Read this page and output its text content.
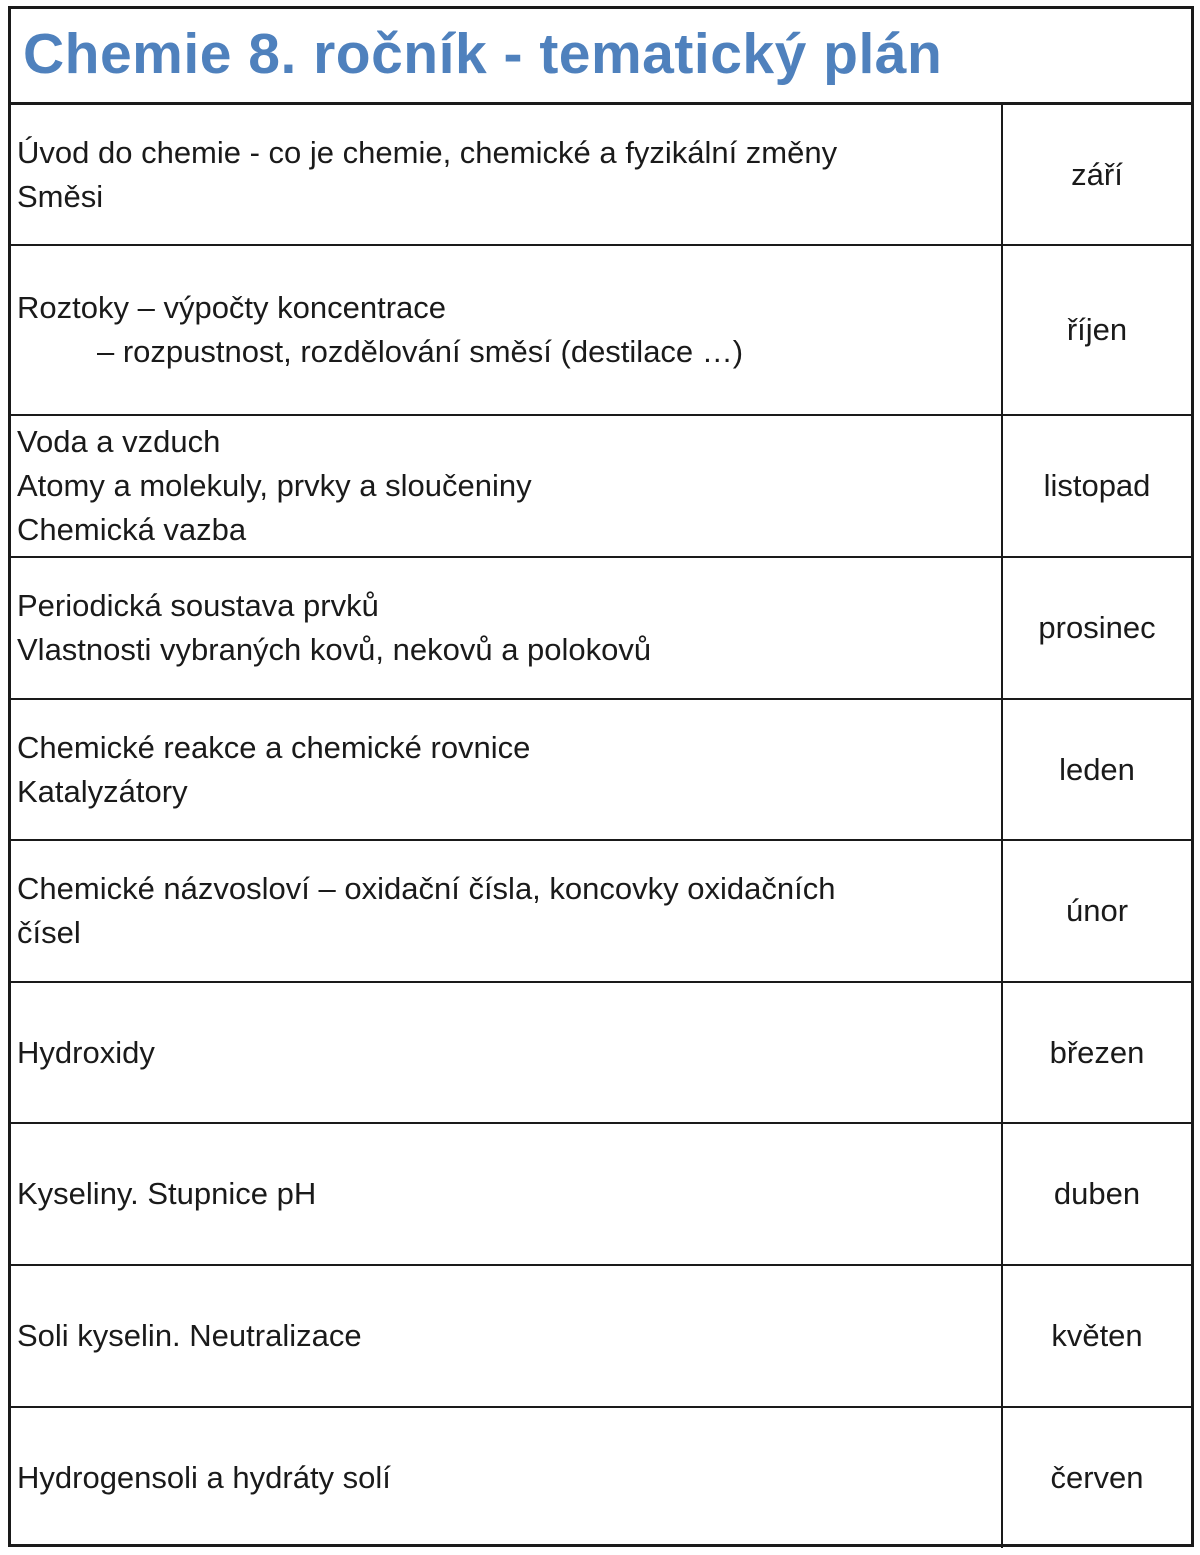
Chemie 8. ročník - tematický plán
Úvod do chemie - co je chemie, chemické a fyzikální změny
Směsi	září

Roztoky – výpočty koncentrace
– rozpustnost, rozdělování směsí (destilace …)	říjen

Voda a vzduch
Atomy a molekuly, prvky a sloučeniny
Chemická vazba	listopad

Periodická soustava prvků
Vlastnosti vybraných kovů, nekovů a polokovů	prosinec

Chemické reakce a chemické rovnice
Katalyzátory	leden

Chemické názvosloví – oxidační čísla, koncovky oxidačních
čísel	únor

Hydroxidy	březen

Kyseliny. Stupnice pH	duben

Soli kyselin. Neutralizace	květen

Hydrogensoli a hydráty solí	červen
